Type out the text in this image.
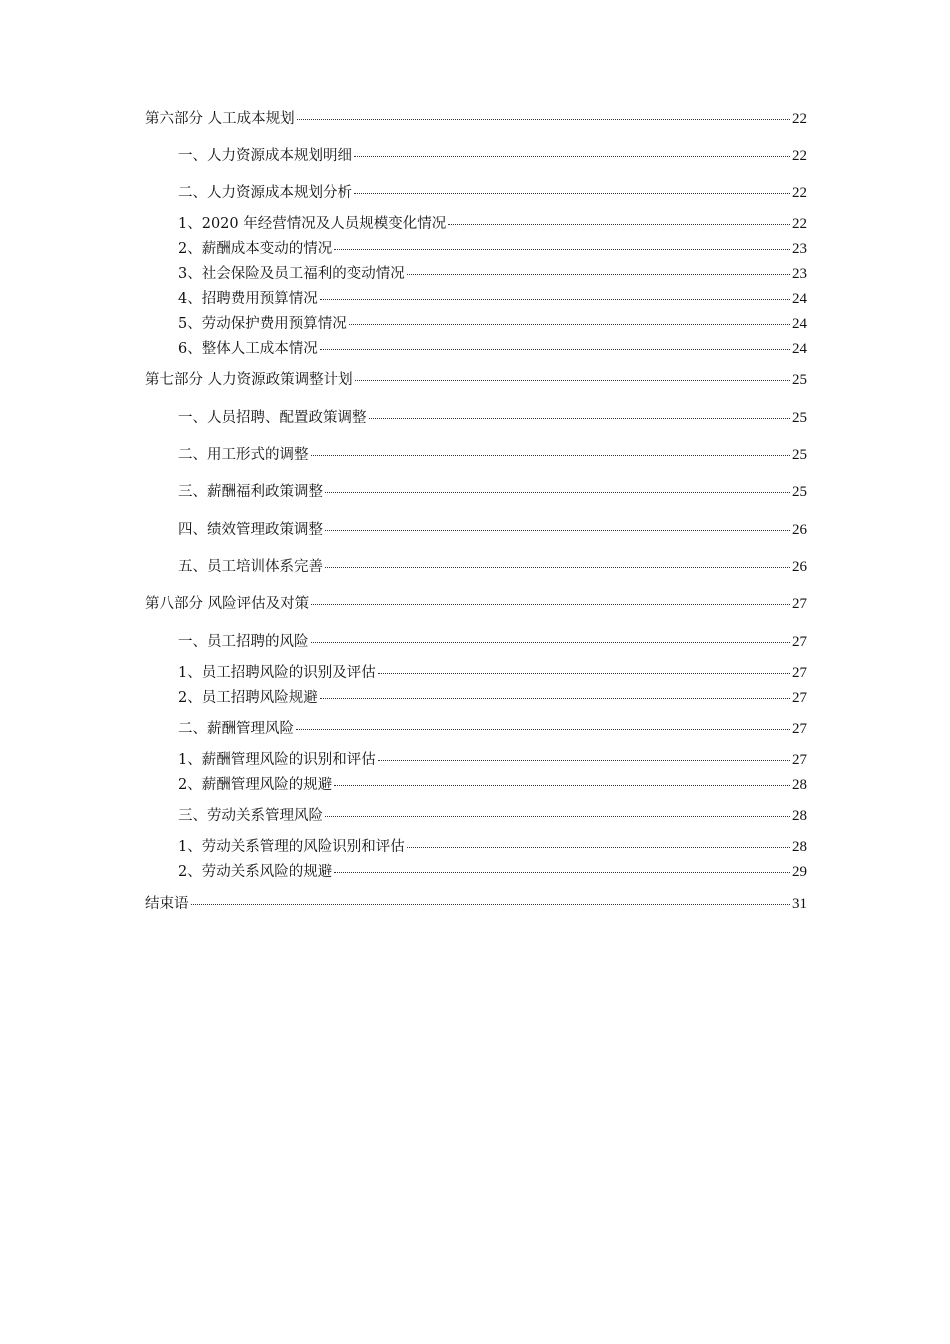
第六部分 人工成本规划	22
一、人力资源成本规划明细	22
二、人力资源成本规划分析	22
1、2020 年经营情况及人员规模变化情况	22
2、薪酬成本变动的情况	23
3、社会保险及员工福利的变动情况	23
4、招聘费用预算情况	24
5、劳动保护费用预算情况	24
6、整体人工成本情况	24
第七部分 人力资源政策调整计划	25
一、人员招聘、配置政策调整	25
二、用工形式的调整	25
三、薪酬福利政策调整	25
四、绩效管理政策调整	26
五、员工培训体系完善	26
第八部分 风险评估及对策	27
一、员工招聘的风险	27
1、员工招聘风险的识别及评估	27
2、员工招聘风险规避	27
二、薪酬管理风险	27
1、薪酬管理风险的识别和评估	27
2、薪酬管理风险的规避	28
三、劳动关系管理风险	28
1、劳动关系管理的风险识别和评估	28
2、劳动关系风险的规避	29
结束语	31
